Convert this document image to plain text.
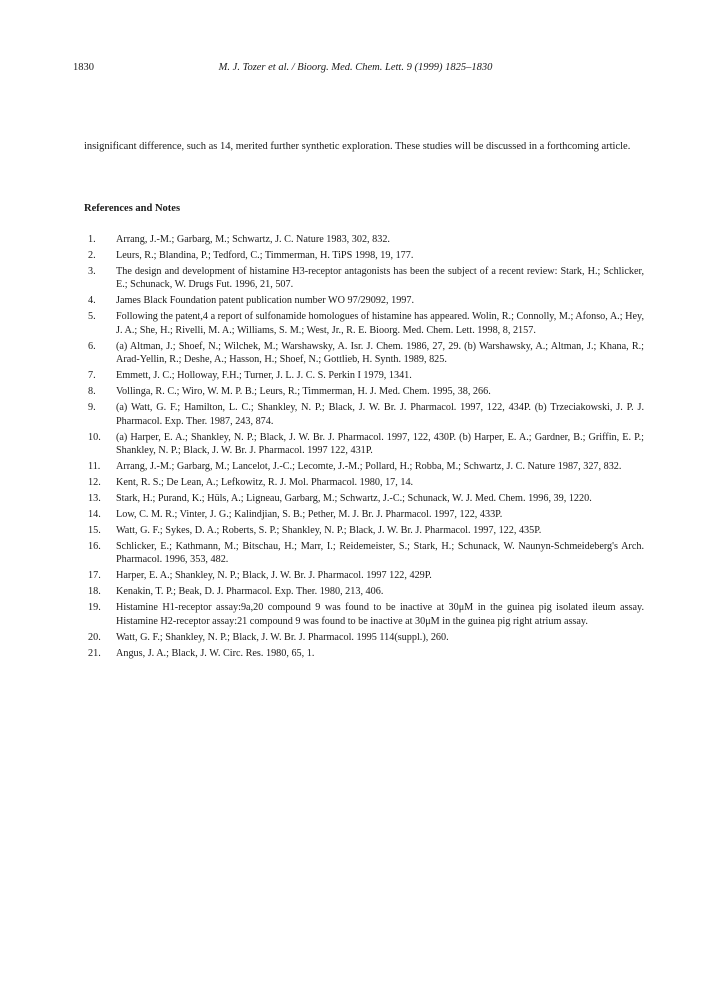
1830	M. J. Tozer et al. / Bioorg. Med. Chem. Lett. 9 (1999) 1825–1830

insignificant difference, such as 14, merited further synthetic exploration. These studies will be discussed in a forthcoming article.

References and Notes
1. Arrang, J.-M.; Garbarg, M.; Schwartz, J. C. Nature 1983, 302, 832.
2. Leurs, R.; Blandina, P.; Tedford, C.; Timmerman, H. TiPS 1998, 19, 177.
3. The design and development of histamine H3-receptor antagonists has been the subject of a recent review: Stark, H.; Schlicker, E.; Schunack, W. Drugs Fut. 1996, 21, 507.
4. James Black Foundation patent publication number WO 97/29092, 1997.
5. Following the patent,4 a report of sulfonamide homologues of histamine has appeared. Wolin, R.; Connolly, M.; Afonso, A.; Hey, J. A.; She, H.; Rivelli, M. A.; Williams, S. M.; West, Jr., R. E. Bioorg. Med. Chem. Lett. 1998, 8, 2157.
6. (a) Altman, J.; Shoef, N.; Wilchek, M.; Warshawsky, A. Isr. J. Chem. 1986, 27, 29. (b) Warshawsky, A.; Altman, J.; Khana, R.; Arad-Yellin, R.; Deshe, A.; Hasson, H.; Shoef, N.; Gottlieb, H. Synth. 1989, 825.
7. Emmett, J. C.; Holloway, F.H.; Turner, J. L. J. C. S. Perkin I 1979, 1341.
8. Vollinga, R. C.; Wiro, W. M. P. B.; Leurs, R.; Timmerman, H. J. Med. Chem. 1995, 38, 266.
9. (a) Watt, G. F.; Hamilton, L. C.; Shankley, N. P.; Black, J. W. Br. J. Pharmacol. 1997, 122, 434P. (b) Trzeciakowski, J. P. J. Pharmacol. Exp. Ther. 1987, 243, 874.
10. (a) Harper, E. A.; Shankley, N. P.; Black, J. W. Br. J. Pharmacol. 1997, 122, 430P. (b) Harper, E. A.; Gardner, B.; Griffin, E. P.; Shankley, N. P.; Black, J. W. Br. J. Pharmacol. 1997 122, 431P.
11. Arrang, J.-M.; Garbarg, M.; Lancelot, J.-C.; Lecomte, J.-M.; Pollard, H.; Robba, M.; Schwartz, J. C. Nature 1987, 327, 832.
12. Kent, R. S.; De Lean, A.; Lefkowitz, R. J. Mol. Pharmacol. 1980, 17, 14.
13. Stark, H.; Purand, K.; Hüls, A.; Ligneau, Garbarg, M.; Schwartz, J.-C.; Schunack, W. J. Med. Chem. 1996, 39, 1220.
14. Low, C. M. R.; Vinter, J. G.; Kalindjian, S. B.; Pether, M. J. Br. J. Pharmacol. 1997, 122, 433P.
15. Watt, G. F.; Sykes, D. A.; Roberts, S. P.; Shankley, N. P.; Black, J. W. Br. J. Pharmacol. 1997, 122, 435P.
16. Schlicker, E.; Kathmann, M.; Bitschau, H.; Marr, I.; Reidemeister, S.; Stark, H.; Schunack, W. Naunyn-Schmeideberg's Arch. Pharmacol. 1996, 353, 482.
17. Harper, E. A.; Shankley, N. P.; Black, J. W. Br. J. Pharmacol. 1997 122, 429P.
18. Kenakin, T. P.; Beak, D. J. Pharmacol. Exp. Ther. 1980, 213, 406.
19. Histamine H1-receptor assay:9a,20 compound 9 was found to be inactive at 30μM in the guinea pig isolated ileum assay. Histamine H2-receptor assay:21 compound 9 was found to be inactive at 30μM in the guinea pig right atrium assay.
20. Watt, G. F.; Shankley, N. P.; Black, J. W. Br. J. Pharmacol. 1995 114(suppl.), 260.
21. Angus, J. A.; Black, J. W. Circ. Res. 1980, 65, 1.
